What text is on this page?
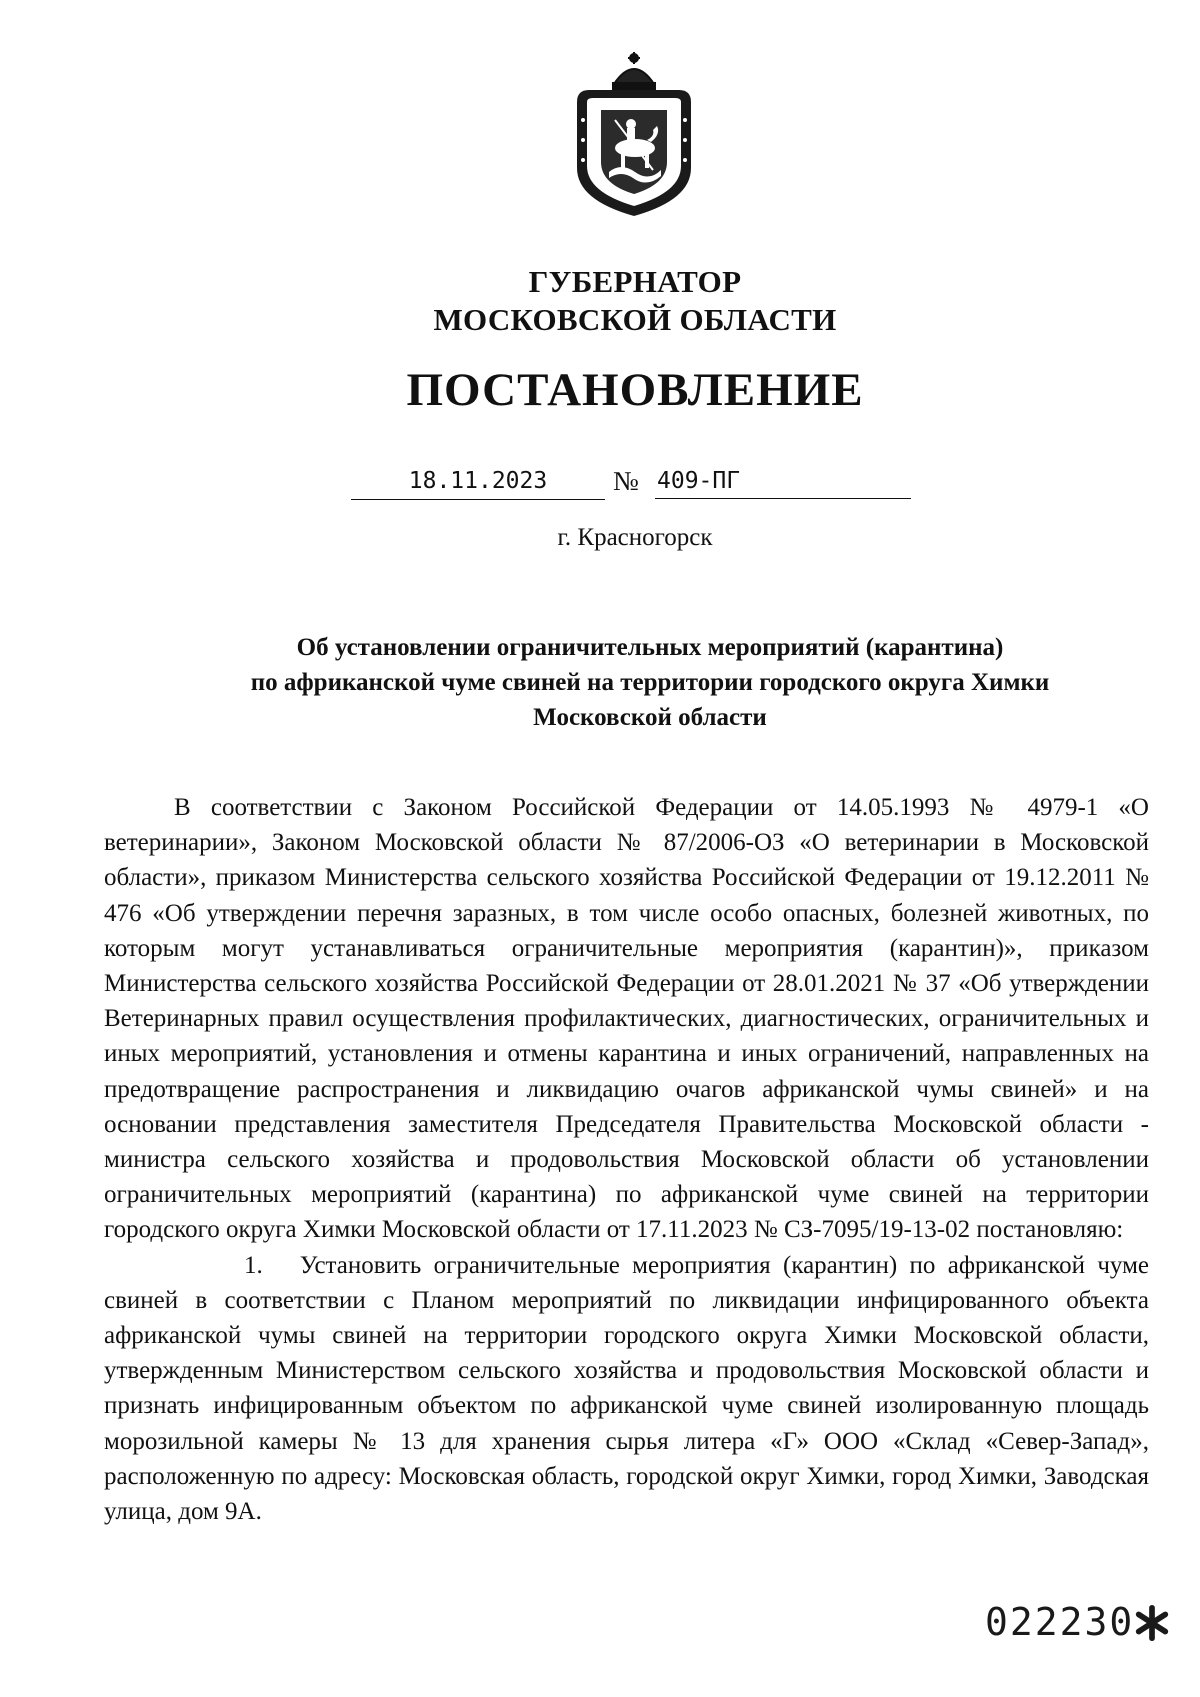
ГУБЕРНАТОР
МОСКОВСКОЙ ОБЛАСТИ
ПОСТАНОВЛЕНИЕ
18.11.2023	№ 409-ПГ
г. Красногорск
Об установлении ограничительных мероприятий (карантина)
по африканской чуме свиней на территории городского округа Химки
Московской области

В соответствии с Законом Российской Федерации от 14.05.1993 № 4979-1 «О ветеринарии», Законом Московской области № 87/2006-ОЗ «О ветеринарии в Московской области», приказом Министерства сельского хозяйства Российской Федерации от 19.12.2011 № 476 «Об утверждении перечня заразных, в том числе особо опасных, болезней животных, по которым могут устанавливаться ограничительные мероприятия (карантин)», приказом Министерства сельского хозяйства Российской Федерации от 28.01.2021 № 37 «Об утверждении Ветеринарных правил осуществления профилактических, диагностических, ограничительных и иных мероприятий, установления и отмены карантина и иных ограничений, направленных на предотвращение распространения и ликвидацию очагов африканской чумы свиней» и на основании представления заместителя Председателя Правительства Московской области - министра сельского хозяйства и продовольствия Московской области об установлении ограничительных мероприятий (карантина) по африканской чуме свиней на территории городского округа Химки Московской области от 17.11.2023 № СЗ-7095/19-13-02 постановляю:

1. Установить ограничительные мероприятия (карантин) по африканской чуме свиней в соответствии с Планом мероприятий по ликвидации инфицированного объекта африканской чумы свиней на территории городского округа Химки Московской области, утвержденным Министерством сельского хозяйства и продовольствия Московской области и признать инфицированным объектом по африканской чуме свиней изолированную площадь морозильной камеры № 13 для хранения сырья литера «Г» ООО «Склад «Север-Запад», расположенную по адресу: Московская область, городской округ Химки, город Химки, Заводская улица, дом 9А.

022230
